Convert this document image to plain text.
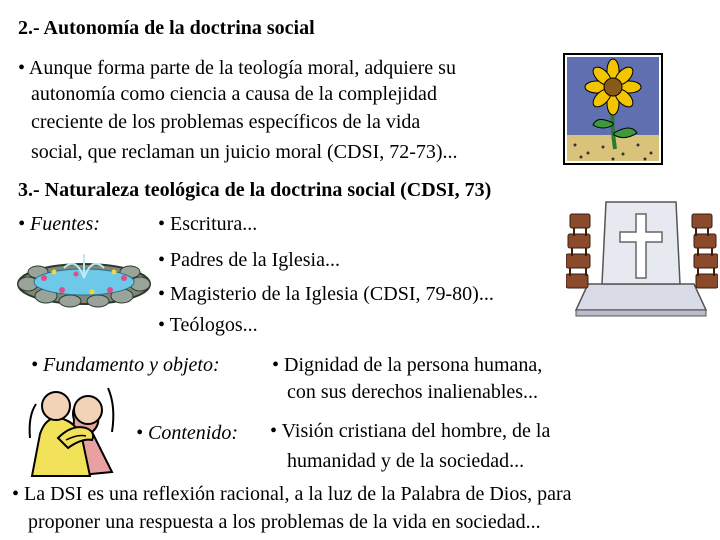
2.- Autonomía de la doctrina social
• Aunque forma parte de la teología moral, adquiere su
autonomía como ciencia a causa de la complejidad
creciente de los problemas específicos de la vida
social, que reclaman un juicio moral (CDSI, 72-73)...
3.- Naturaleza teológica de la doctrina social (CDSI, 73)
• Fuentes:	• Escritura...
• Padres de la Iglesia...
• Magisterio de la Iglesia (CDSI, 79-80)...
• Teólogos...
• Fundamento y objeto:	• Dignidad de la persona humana,
con sus derechos inalienables...
• Contenido: • Visión cristiana del hombre, de la
humanidad y de la sociedad...
• La DSI es una reflexión racional, a la luz de la Palabra de Dios, para
proponer una respuesta a los problemas de la vida en sociedad...
